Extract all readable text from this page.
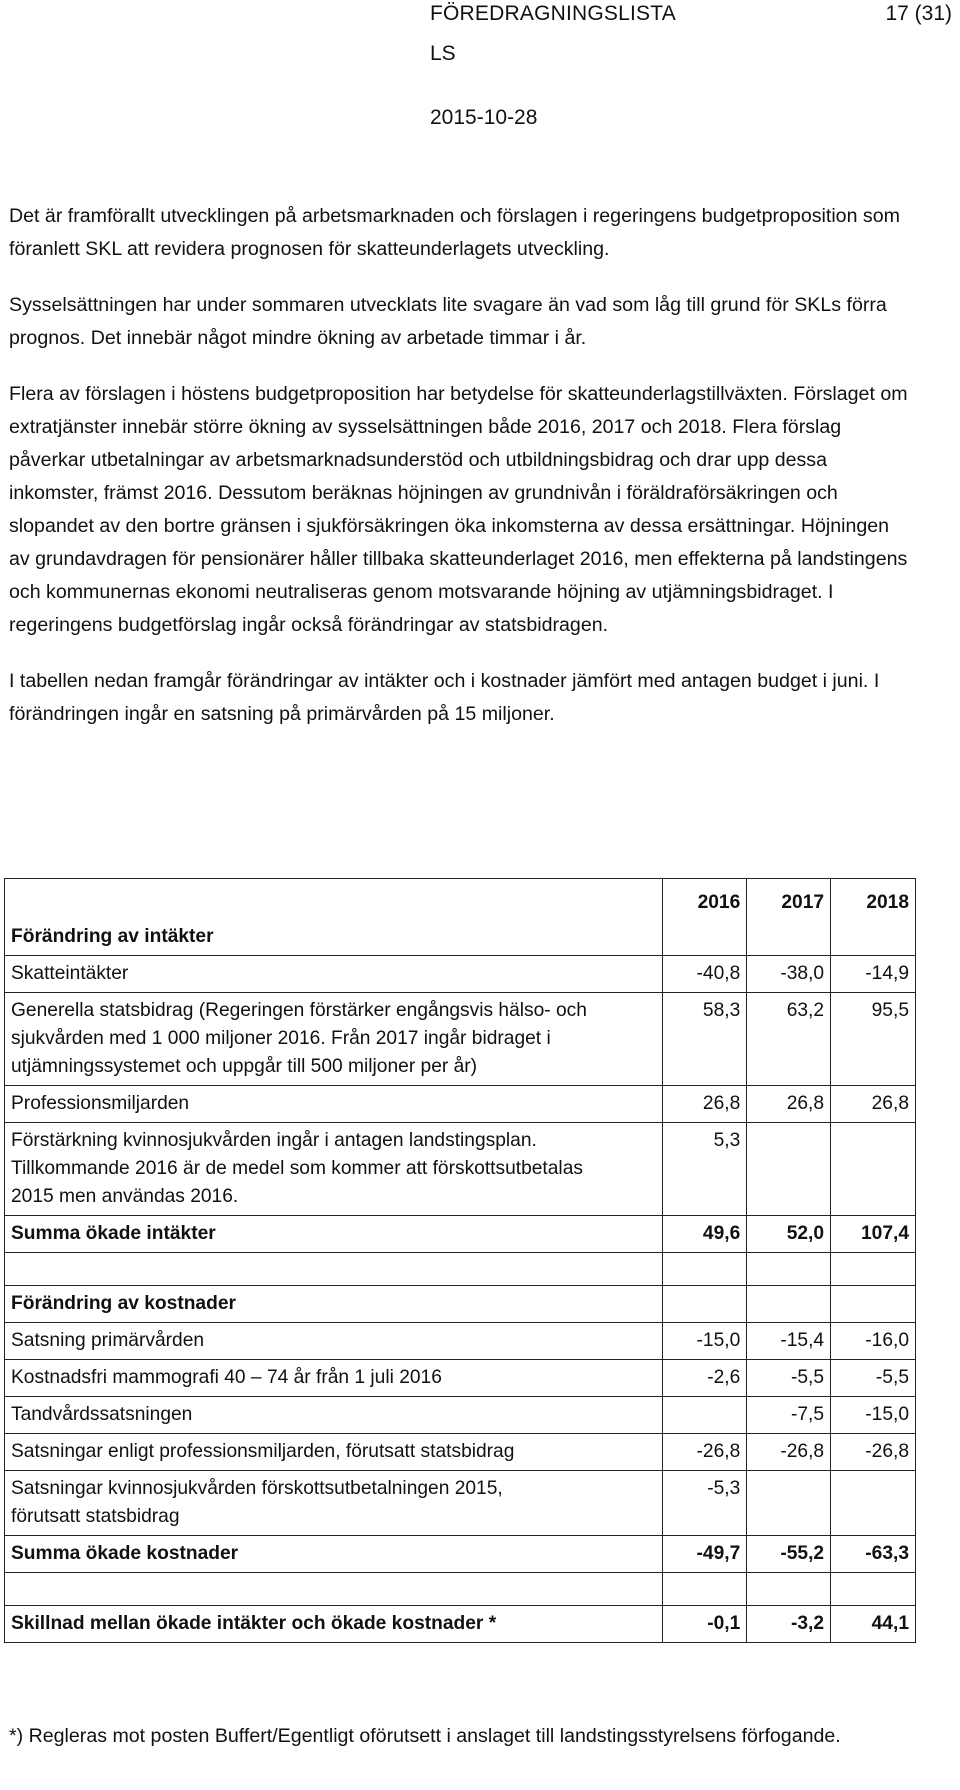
FÖREDRAGNINGSLISTA	17 (31)
LS
2015-10-28

Det är framförallt utvecklingen på arbetsmarknaden och förslagen i regeringens budgetproposition som föranlett SKL att revidera prognosen för skatteunderlagets utveckling.

Sysselsättningen har under sommaren utvecklats lite svagare än vad som låg till grund för SKLs förra prognos. Det innebär något mindre ökning av arbetade timmar i år.

Flera av förslagen i höstens budgetproposition har betydelse för skatteunderlagstillväxten. Förslaget om extratjänster innebär större ökning av sysselsättningen både 2016, 2017 och 2018. Flera förslag påverkar utbetalningar av arbetsmarknadsunderstöd och utbildningsbidrag och drar upp dessa inkomster, främst 2016. Dessutom beräknas höjningen av grundnivån i föräldraförsäkringen och slopandet av den bortre gränsen i sjukförsäkringen öka inkomsterna av dessa ersättningar. Höjningen av grundavdragen för pensionärer håller tillbaka skatteunderlaget 2016, men effekterna på landstingens och kommunernas ekonomi neutraliseras genom motsvarande höjning av utjämningsbidraget. I regeringens budgetförslag ingår också förändringar av statsbidragen.

I tabellen nedan framgår förändringar av intäkter och i kostnader jämfört med antagen budget i juni. I förändringen ingår en satsning på primärvården på 15 miljoner.

Förändring av intäkter	2016	2017	2018
Skatteintäkter	-40,8	-38,0	-14,9
Generella statsbidrag (Regeringen förstärker engångsvis hälso- och sjukvården med 1 000 miljoner 2016. Från 2017 ingår bidraget i utjämningssystemet och uppgår till 500 miljoner per år)	58,3	63,2	95,5
Professionsmiljarden	26,8	26,8	26,8
Förstärkning kvinnosjukvården ingår i antagen landstingsplan. Tillkommande 2016 är de medel som kommer att förskottsutbetalas 2015 men användas 2016.	5,3		
Summa ökade intäkter	49,6	52,0	107,4

Förändring av kostnader			
Satsning primärvården	-15,0	-15,4	-16,0
Kostnadsfri mammografi 40 – 74 år från 1 juli 2016	-2,6	-5,5	-5,5
Tandvårdssatsningen		-7,5	-15,0
Satsningar enligt professionsmiljarden, förutsatt statsbidrag	-26,8	-26,8	-26,8
Satsningar kvinnosjukvården förskottsutbetalningen 2015, förutsatt statsbidrag	-5,3		
Summa ökade kostnader	-49,7	-55,2	-63,3

Skillnad mellan ökade intäkter och ökade kostnader *	-0,1	-3,2	44,1
*) Regleras mot posten Buffert/Egentligt oförutsett i anslaget till landstingsstyrelsens förfogande.
